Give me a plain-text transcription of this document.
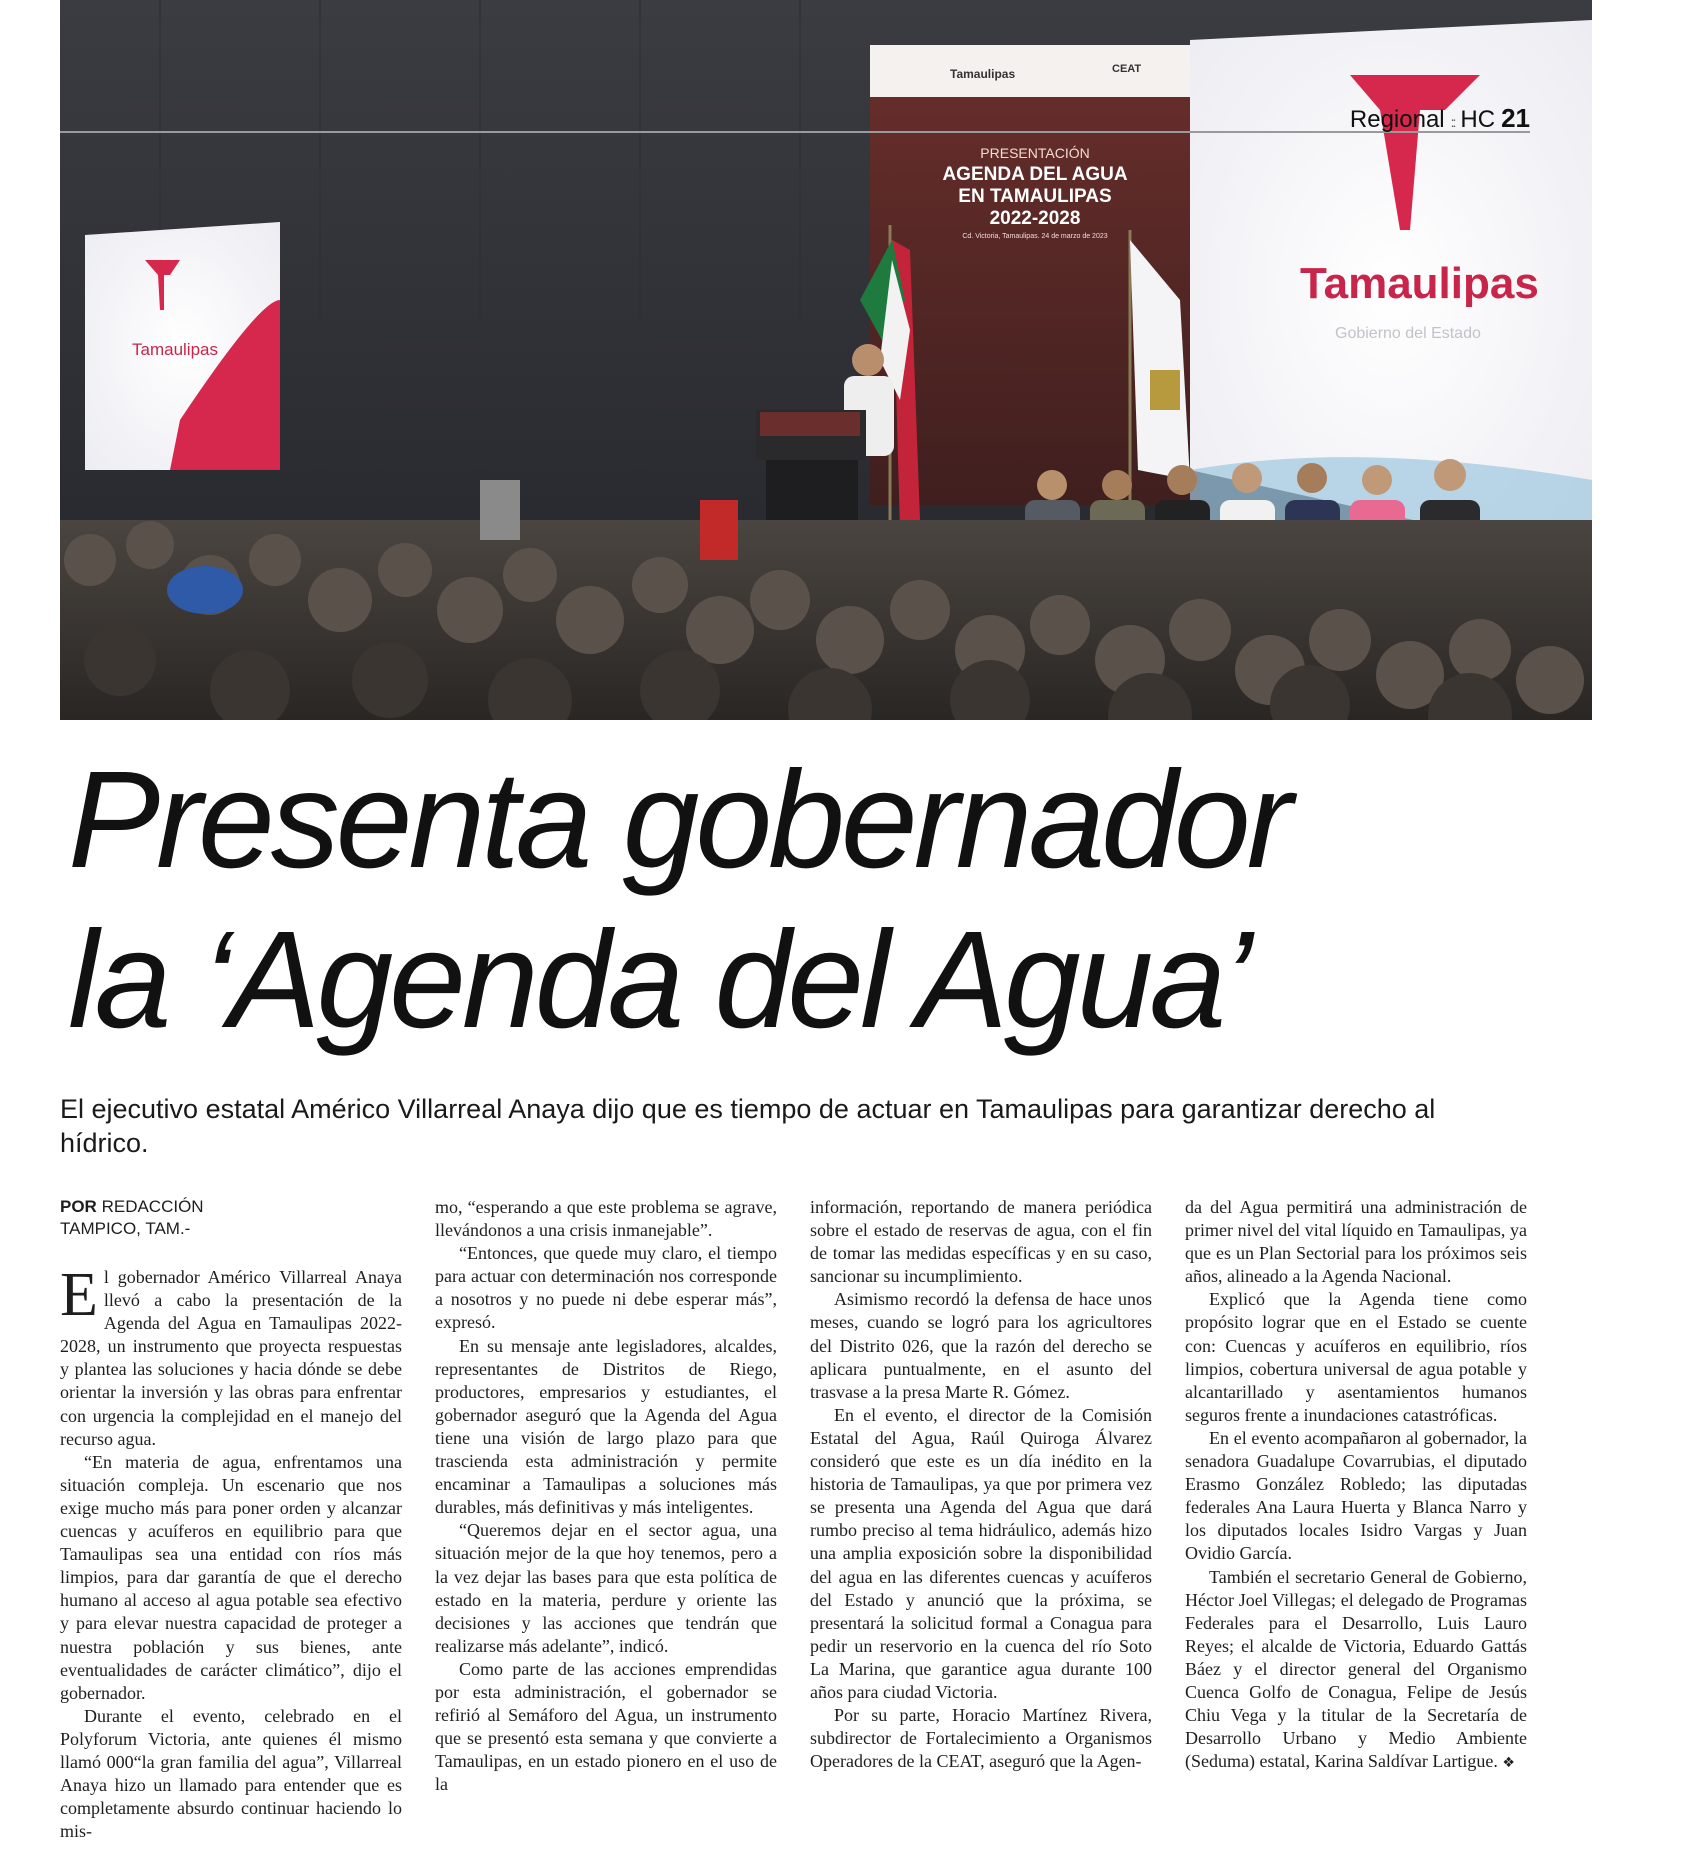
Tamaulipas
Tamaulipas	CEAT
PRESENTACIÓN
AGENDA DEL AGUA
EN TAMAULIPAS
2022-2028
Cd. Victoria, Tamaulipas. 24 de marzo de 2023
Tamaulipas
Gobierno del Estado
Regional :: HC 21
Presenta gobernador
la ‘Agenda del Agua’

El ejecutivo estatal Américo Villarreal Anaya dijo que es tiempo de actuar en Tamaulipas para garantizar derecho al hídrico.

POR REDACCIÓN
TAMPICO, TAM.-

El gobernador Américo Villarreal Anaya llevó a cabo la presentación de la Agenda del Agua en Tamaulipas 2022-2028, un instrumento que proyecta respuestas y plantea las soluciones y hacia dónde se debe orientar la inversión y las obras para enfrentar con urgencia la complejidad en el manejo del recurso agua.

“En materia de agua, enfrentamos una situación compleja. Un escenario que nos exige mucho más para poner orden y alcanzar cuencas y acuíferos en equilibrio para que Tamaulipas sea una entidad con ríos más limpios, para dar garantía de que el derecho humano al acceso al agua potable sea efectivo y para elevar nuestra capacidad de proteger a nuestra población y sus bienes, ante eventualidades de carácter climático”, dijo el gobernador.

Durante el evento, celebrado en el Polyforum Victoria, ante quienes él mismo llamó 000“la gran familia del agua”, Villarreal Anaya hizo un llamado para entender que es completamente absurdo continuar haciendo lo mis-

mo, “esperando a que este problema se agrave, llevándonos a una crisis inmanejable”.

“Entonces, que quede muy claro, el tiempo para actuar con determinación nos corresponde a nosotros y no puede ni debe esperar más”, expresó.

En su mensaje ante legisladores, alcaldes, representantes de Distritos de Riego, productores, empresarios y estudiantes, el gobernador aseguró que la Agenda del Agua tiene una visión de largo plazo para que trascienda esta administración y permite encaminar a Tamaulipas a soluciones más durables, más definitivas y más inteligentes.

“Queremos dejar en el sector agua, una situación mejor de la que hoy tenemos, pero a la vez dejar las bases para que esta política de estado en la materia, perdure y oriente las decisiones y las acciones que tendrán que realizarse más adelante”, indicó.

Como parte de las acciones emprendidas por esta administración, el gobernador se refirió al Semáforo del Agua, un instrumento que se presentó esta semana y que convierte a Tamaulipas, en un estado pionero en el uso de la

información, reportando de manera periódica sobre el estado de reservas de agua, con el fin de tomar las medidas específicas y en su caso, sancionar su incumplimiento.

Asimismo recordó la defensa de hace unos meses, cuando se logró para los agricultores del Distrito 026, que la razón del derecho se aplicara puntualmente, en el asunto del trasvase a la presa Marte R. Gómez.

En el evento, el director de la Comisión Estatal del Agua, Raúl Quiroga Álvarez consideró que este es un día inédito en la historia de Tamaulipas, ya que por primera vez se presenta una Agenda del Agua que dará rumbo preciso al tema hidráulico, además hizo una amplia exposición sobre la disponibilidad del agua en las diferentes cuencas y acuíferos del Estado y anunció que la próxima, se presentará la solicitud formal a Conagua para pedir un reservorio en la cuenca del río Soto La Marina, que garantice agua durante 100 años para ciudad Victoria.

Por su parte, Horacio Martínez Rivera, subdirector de Fortalecimiento a Organismos Operadores de la CEAT, aseguró que la Agen-

da del Agua permitirá una administración de primer nivel del vital líquido en Tamaulipas, ya que es un Plan Sectorial para los próximos seis años, alineado a la Agenda Nacional.

Explicó que la Agenda tiene como propósito lograr que en el Estado se cuente con: Cuencas y acuíferos en equilibrio, ríos limpios, cobertura universal de agua potable y alcantarillado y asentamientos humanos seguros frente a inundaciones catastróficas.

En el evento acompañaron al gobernador, la senadora Guadalupe Covarrubias, el diputado Erasmo González Robledo; las diputadas federales Ana Laura Huerta y Blanca Narro y los diputados locales Isidro Vargas y Juan Ovidio García.

También el secretario General de Gobierno, Héctor Joel Villegas; el delegado de Programas Federales para el Desarrollo, Luis Lauro Reyes; el alcalde de Victoria, Eduardo Gattás Báez y el director general del Organismo Cuenca Golfo de Conagua, Felipe de Jesús Chiu Vega y la titular de la Secretaría de Desarrollo Urbano y Medio Ambiente (Seduma) estatal, Karina Saldívar Lartigue. ❖
